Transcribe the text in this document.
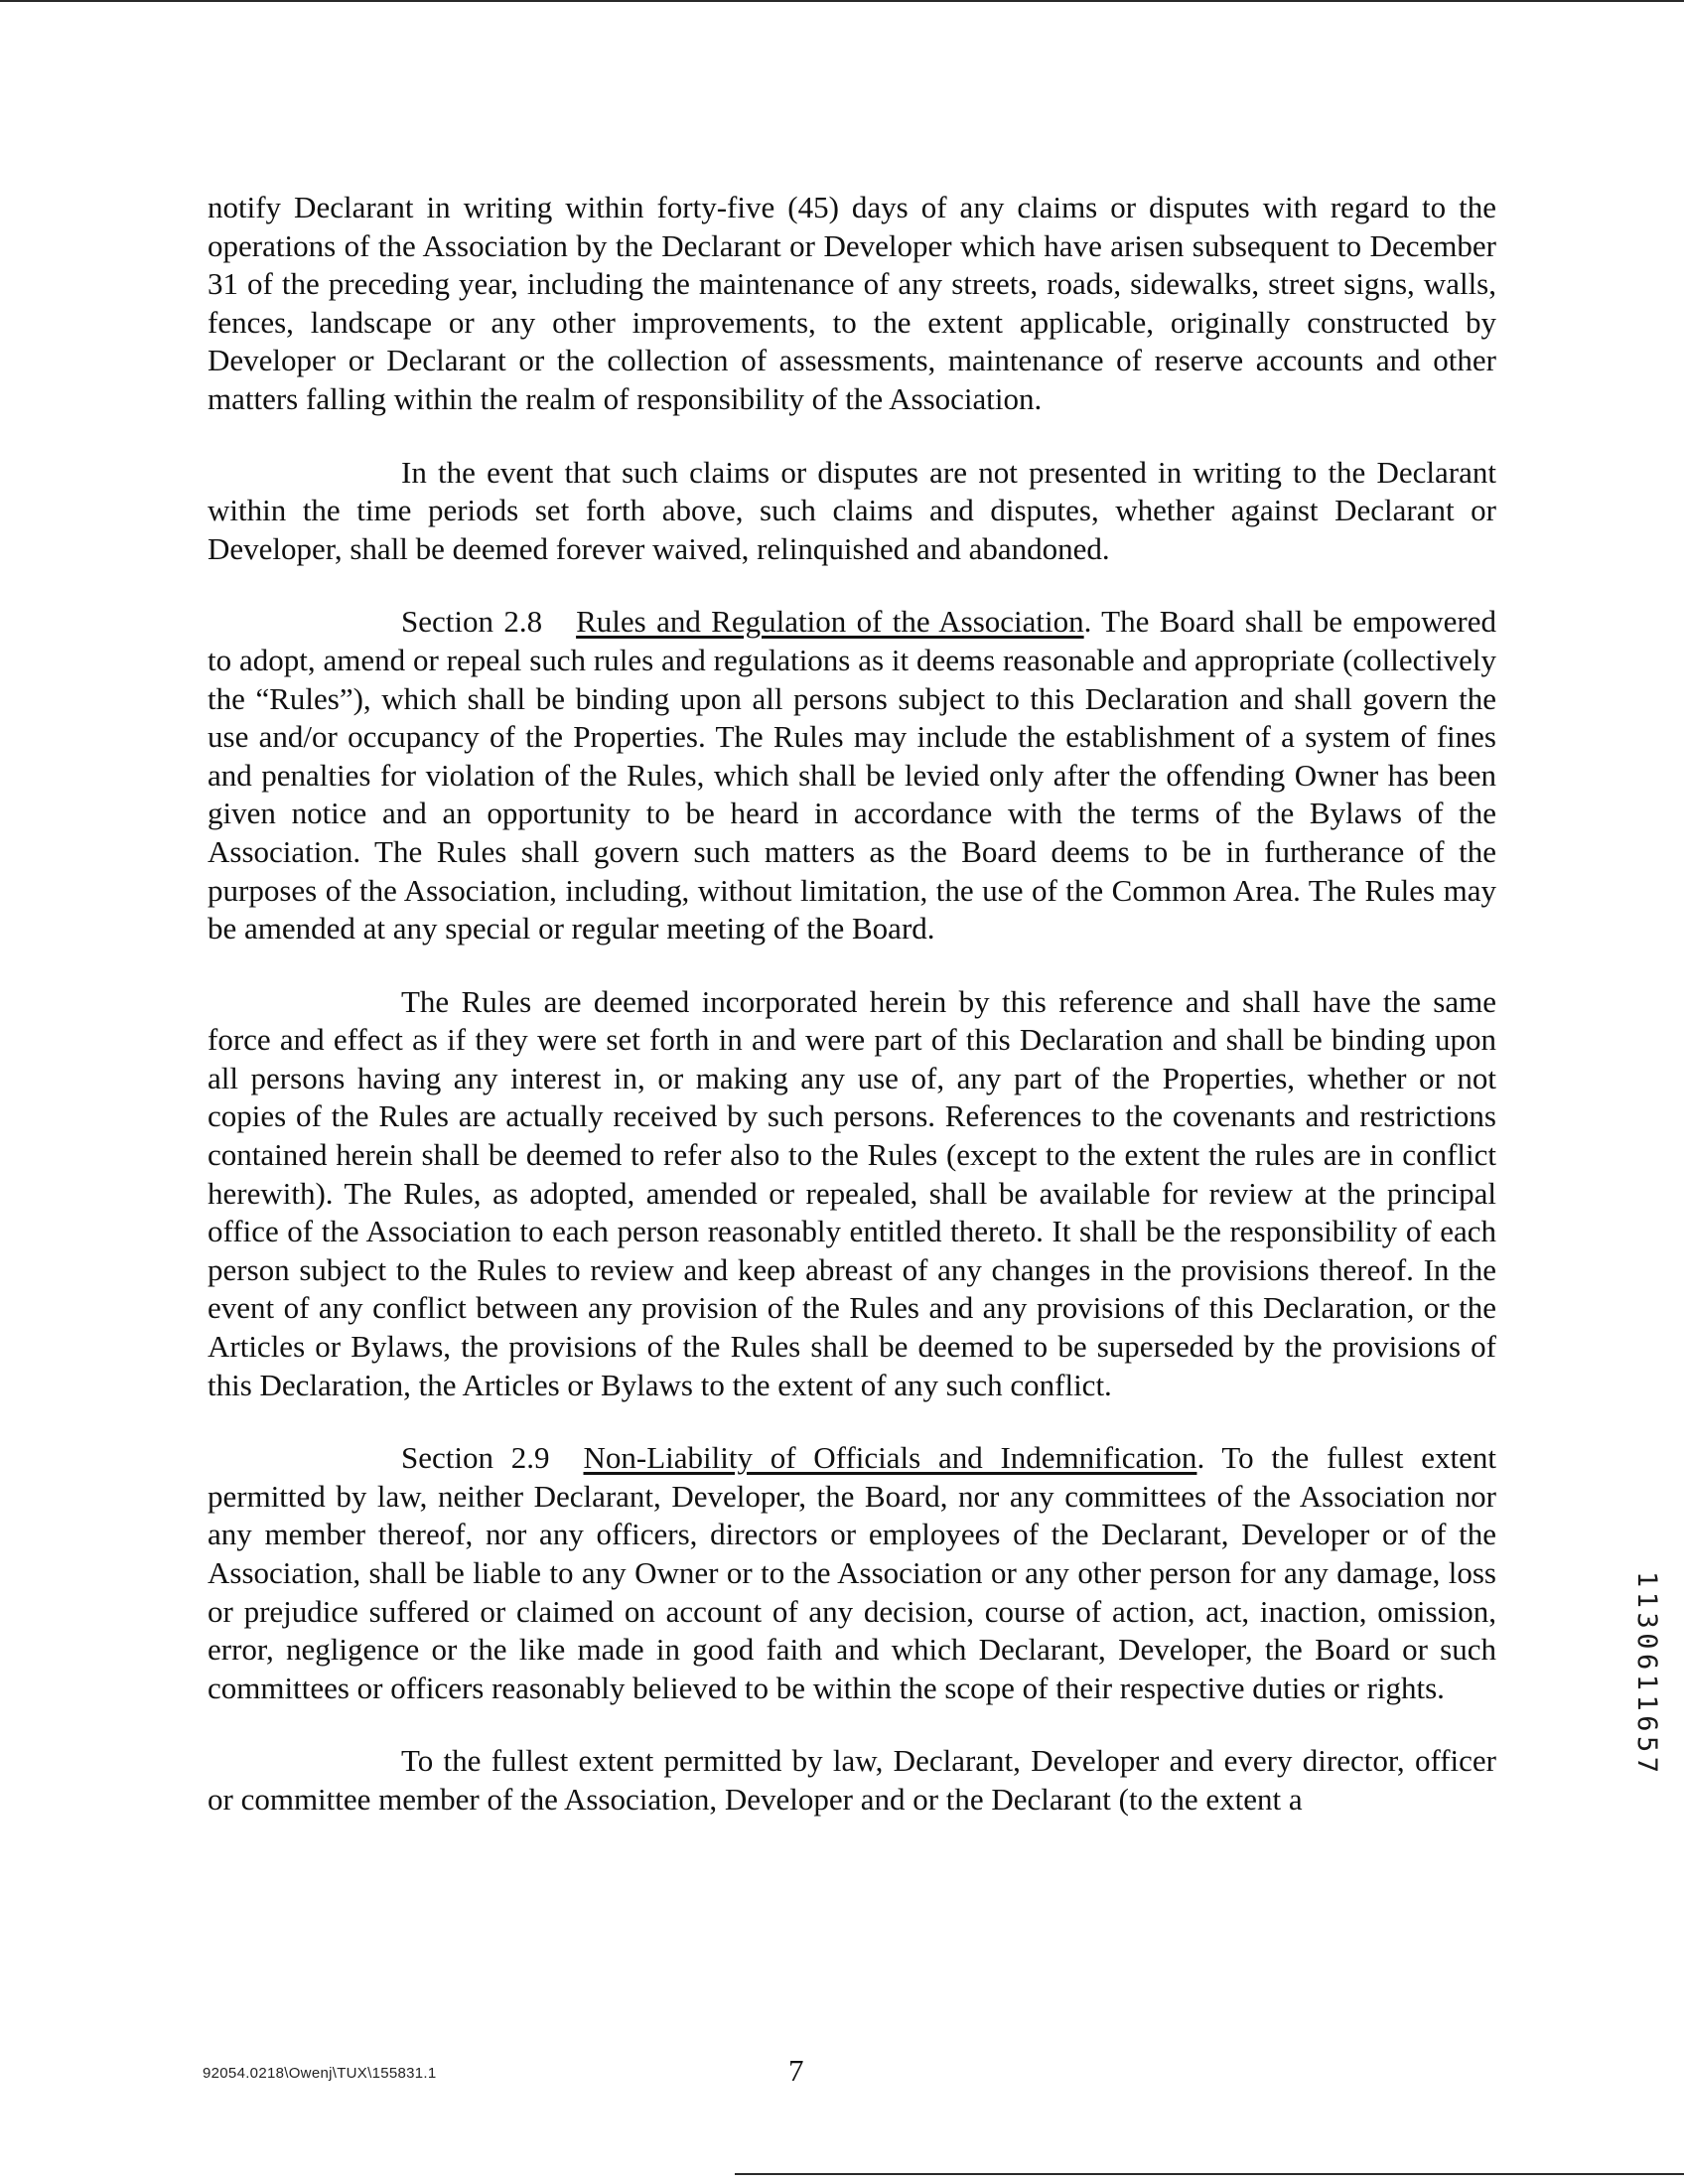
notify Declarant in writing within forty-five (45) days of any claims or disputes with regard to the operations of the Association by the Declarant or Developer which have arisen subsequent to December 31 of the preceding year, including the maintenance of any streets, roads, sidewalks, street signs, walls, fences, landscape or any other improvements, to the extent applicable, originally constructed by Developer or Declarant or the collection of assessments, maintenance of reserve accounts and other matters falling within the realm of responsibility of the Association.

In the event that such claims or disputes are not presented in writing to the Declarant within the time periods set forth above, such claims and disputes, whether against Declarant or Developer, shall be deemed forever waived, relinquished and abandoned.

Section 2.8 Rules and Regulation of the Association. The Board shall be empowered to adopt, amend or repeal such rules and regulations as it deems reasonable and appropriate (collectively the “Rules”), which shall be binding upon all persons subject to this Declaration and shall govern the use and/or occupancy of the Properties. The Rules may include the establishment of a system of fines and penalties for violation of the Rules, which shall be levied only after the offending Owner has been given notice and an opportunity to be heard in accordance with the terms of the Bylaws of the Association. The Rules shall govern such matters as the Board deems to be in furtherance of the purposes of the Association, including, without limitation, the use of the Common Area. The Rules may be amended at any special or regular meeting of the Board.

The Rules are deemed incorporated herein by this reference and shall have the same force and effect as if they were set forth in and were part of this Declaration and shall be binding upon all persons having any interest in, or making any use of, any part of the Properties, whether or not copies of the Rules are actually received by such persons. References to the covenants and restrictions contained herein shall be deemed to refer also to the Rules (except to the extent the rules are in conflict herewith). The Rules, as adopted, amended or repealed, shall be available for review at the principal office of the Association to each person reasonably entitled thereto. It shall be the responsibility of each person subject to the Rules to review and keep abreast of any changes in the provisions thereof. In the event of any conflict between any provision of the Rules and any provisions of this Declaration, or the Articles or Bylaws, the provisions of the Rules shall be deemed to be superseded by the provisions of this Declaration, the Articles or Bylaws to the extent of any such conflict.

Section 2.9 Non-Liability of Officials and Indemnification. To the fullest extent permitted by law, neither Declarant, Developer, the Board, nor any committees of the Association nor any member thereof, nor any officers, directors or employees of the Declarant, Developer or of the Association, shall be liable to any Owner or to the Association or any other person for any damage, loss or prejudice suffered or claimed on account of any decision, course of action, act, inaction, omission, error, negligence or the like made in good faith and which Declarant, Developer, the Board or such committees or officers reasonably believed to be within the scope of their respective duties or rights.

To the fullest extent permitted by law, Declarant, Developer and every director, officer or committee member of the Association, Developer and or the Declarant (to the extent a

1130611657
92054.0218\Owenj\TUX\155831.1	7
